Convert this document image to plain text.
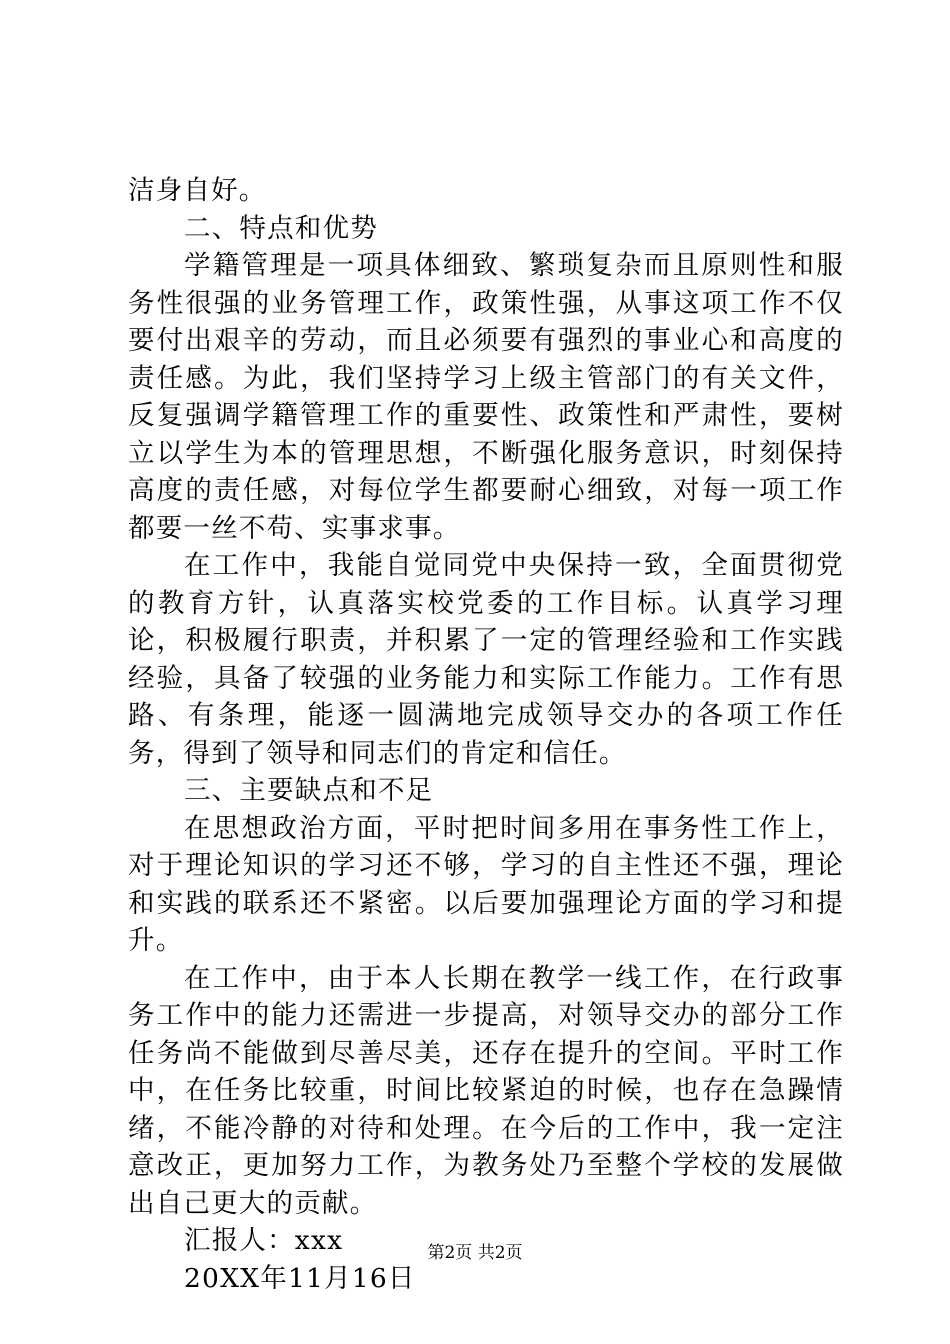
洁身自好。

二、特点和优势

学籍管理是一项具体细致、繁琐复杂而且原则性和服务性很强的业务管理工作，政策性强，从事这项工作不仅要付出艰辛的劳动，而且必须要有强烈的事业心和高度的责任感。为此，我们坚持学习上级主管部门的有关文件，反复强调学籍管理工作的重要性、政策性和严肃性，要树立以学生为本的管理思想，不断强化服务意识，时刻保持高度的责任感，对每位学生都要耐心细致，对每一项工作都要一丝不苟、实事求事。

在工作中，我能自觉同党中央保持一致，全面贯彻党的教育方针，认真落实校党委的工作目标。认真学习理论，积极履行职责，并积累了一定的管理经验和工作实践经验，具备了较强的业务能力和实际工作能力。工作有思路、有条理，能逐一圆满地完成领导交办的各项工作任务，得到了领导和同志们的肯定和信任。

三、主要缺点和不足

在思想政治方面，平时把时间多用在事务性工作上，对于理论知识的学习还不够，学习的自主性还不强，理论和实践的联系还不紧密。以后要加强理论方面的学习和提升。

在工作中，由于本人长期在教学一线工作，在行政事务工作中的能力还需进一步提高，对领导交办的部分工作任务尚不能做到尽善尽美，还存在提升的空间。平时工作中，在任务比较重，时间比较紧迫的时候，也存在急躁情绪，不能冷静的对待和处理。在今后的工作中，我一定注意改正，更加努力工作，为教务处乃至整个学校的发展做出自己更大的贡献。

汇报人：xxx

20XX年11月16日

第2页 共2页
